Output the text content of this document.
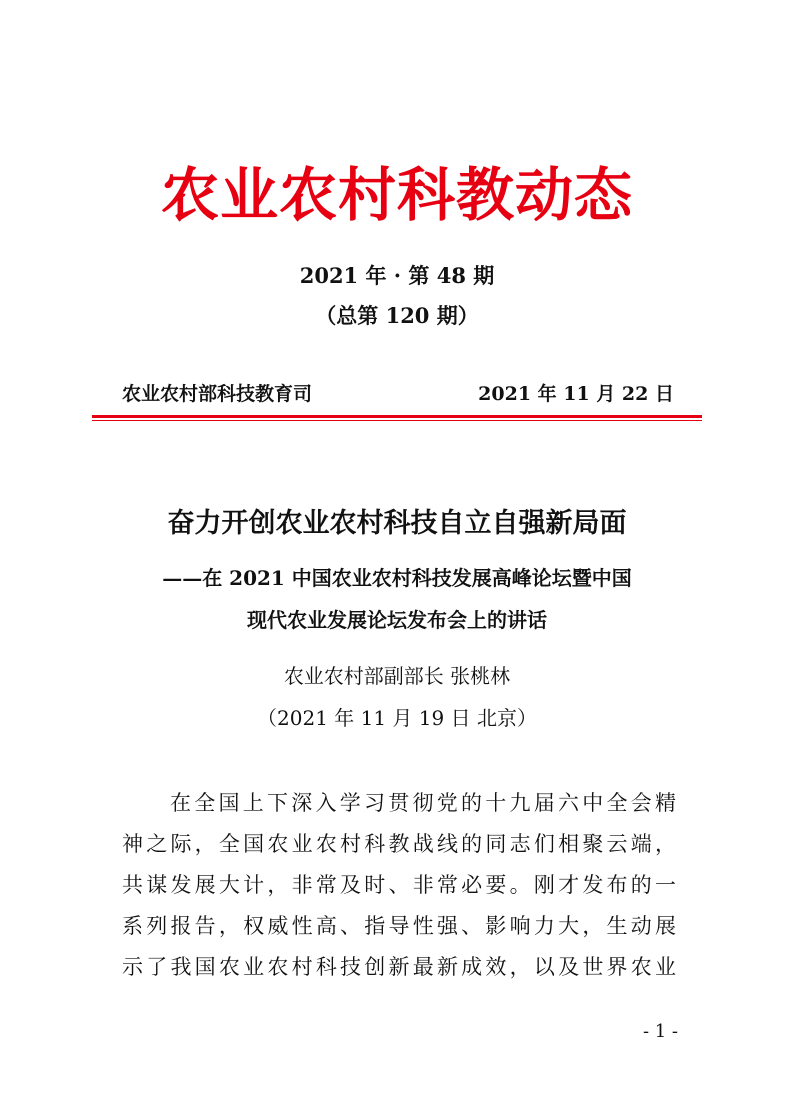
农业农村科教动态
2021 年 · 第 48 期
（总第 120 期）
农业农村部科技教育司	2021 年 11 月 22 日
奋力开创农业农村科技自立自强新局面
——在 2021 中国农业农村科技发展高峰论坛暨中国
现代农业发展论坛发布会上的讲话
农业农村部副部长 张桃林
（2021 年 11 月 19 日 北京）
在全国上下深入学习贯彻党的十九届六中全会精
神之际，全国农业农村科教战线的同志们相聚云端，
共谋发展大计，非常及时、非常必要。刚才发布的一
系列报告，权威性高、指导性强、影响力大，生动展
示了我国农业农村科技创新最新成效，以及世界农业
- 1 -
